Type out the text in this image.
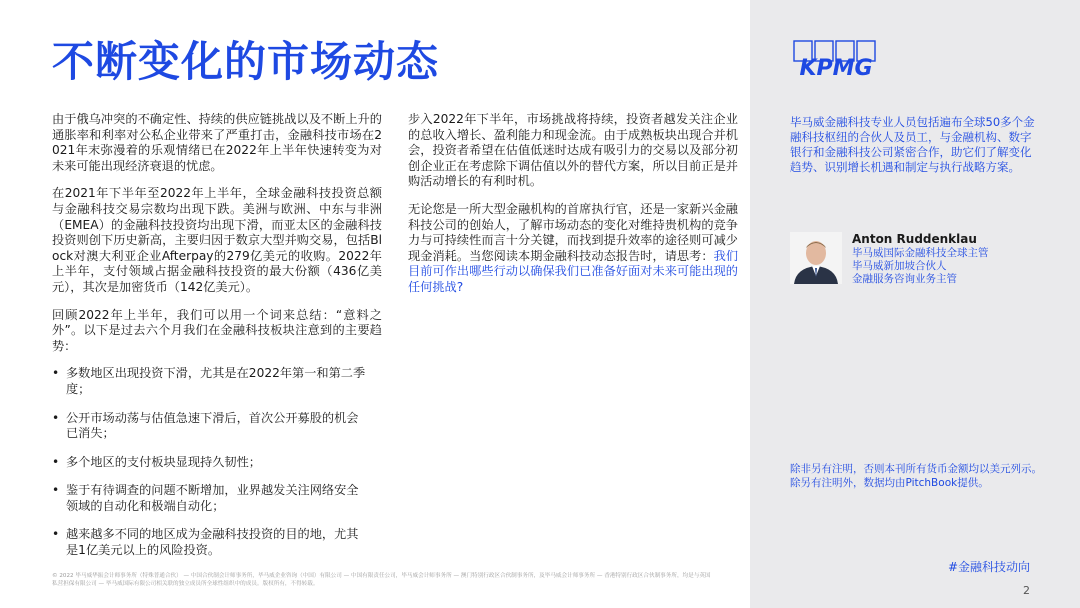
不断变化的市场动态

由于俄乌冲突的不确定性、持续的供应链挑战以及不断上升的通胀率和利率对公私企业带来了严重打击，金融科技市场在2021年末弥漫着的乐观情绪已在2022年上半年快速转变为对未来可能出现经济衰退的忧虑。

在2021年下半年至2022年上半年，全球金融科技投资总额与金融科技交易宗数均出现下跌。美洲与欧洲、中东与非洲（EMEA）的金融科技投资均出现下滑，而亚太区的金融科技投资则创下历史新高，主要归因于数京大型并购交易，包括Block对澳大利亚企业Afterpay的279亿美元的收购。2022年上半年，支付领域占据金融科技投资的最大份额（436亿美元），其次是加密货币（142亿美元）。

回顾2022年上半年，我们可以用一个词来总结：“意料之外”。以下是过去六个月我们在金融科技板块注意到的主要趋势：

• 多数地区出现投资下滑，尤其是在2022年第一和第二季度；
• 公开市场动荡与估值急速下滑后，首次公开募股的机会已消失；
• 多个地区的支付板块显现持久韧性；
• 鉴于有待调查的问题不断增加，业界越发关注网络安全领域的自动化和极端自动化；
• 越来越多不同的地区成为金融科技投资的目的地，尤其是1亿美元以上的风险投资。

步入2022年下半年，市场挑战将持续，投资者越发关注企业的总收入增长、盈利能力和现金流。由于成熟板块出现合并机会，投资者希望在估值低迷时达成有吸引力的交易以及部分初创企业正在考虑除下调估值以外的替代方案，所以目前正是并购活动增长的有利时机。

无论您是一所大型金融机构的首席执行官，还是一家新兴金融科技公司的创始人，了解市场动态的变化对维持贵机构的竞争力与可持续性而言十分关键，而找到提升效率的途径则可减少现金消耗。当您阅读本期金融科技动态报告时，请思考：我们目前可作出哪些行动以确保我们已准备好面对未来可能出现的任何挑战?

© 2022 毕马威华振会计师事务所（特殊普通合伙） — 中国合伙制会计师事务所，毕马威企业咨询（中国）有限公司 — 中国有限责任公司，毕马威会计师事务所 — 澳门特别行政区合伙制事务所，及毕马威会计师事务所 — 香港特别行政区合伙制事务所，均是与英国私营担保有限公司 — 毕马威国际有限公司相关联的独立成员所全球性组织中的成员。版权所有，不得转载。
KPMG
毕马威金融科技专业人员包括遍布全球50多个金融科技枢纽的合伙人及员工，与金融机构、数字银行和金融科技公司紧密合作，助它们了解变化趋势、识别增长机遇和制定与执行战略方案。
Anton Ruddenklau
毕马威国际金融科技全球主管
毕马威新加坡合伙人
金融服务咨询业务主管
除非另有注明，否则本刊所有货币金额均以美元列示。
除另有注明外，数据均由PitchBook提供。
#金融科技动向
2
